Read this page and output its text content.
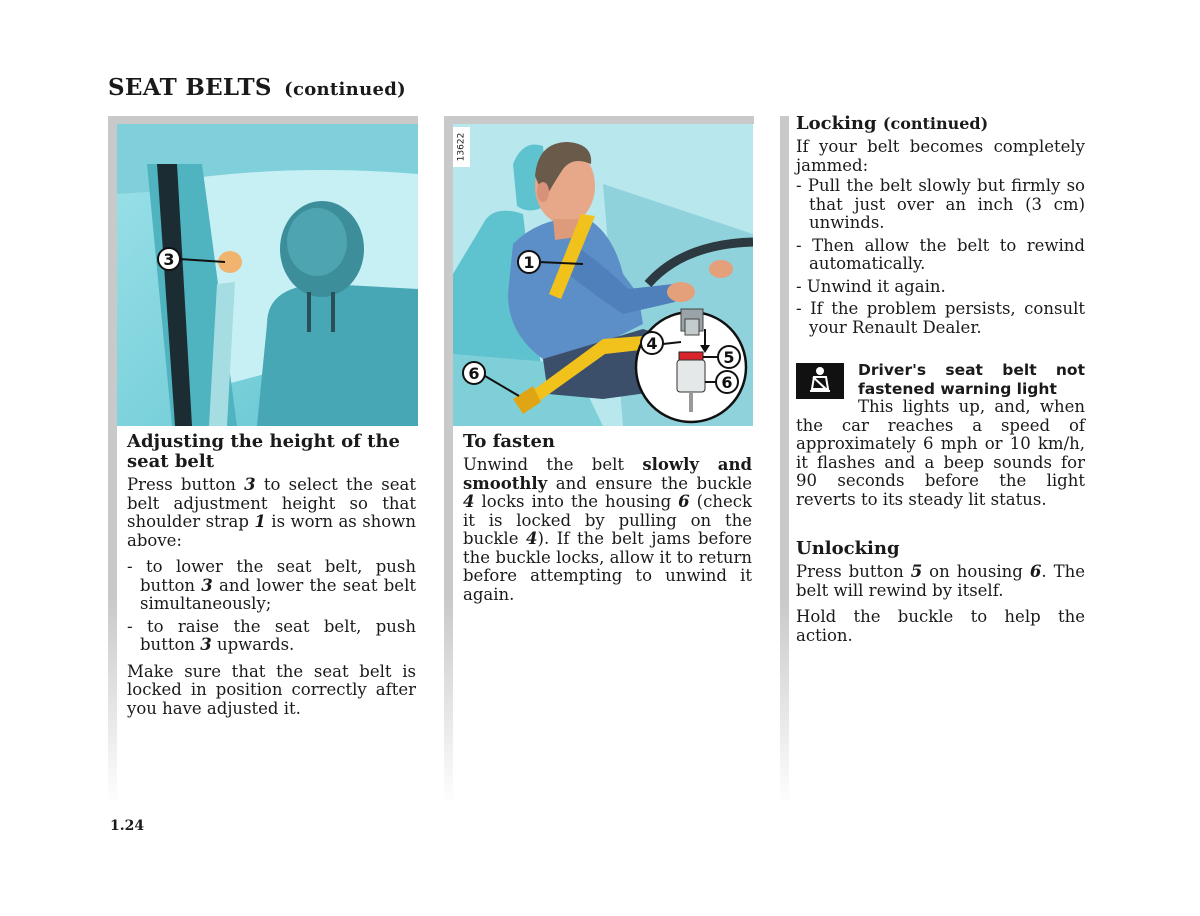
SEAT BELTS (continued)
3	1
6
4
5
6
13622
Adjusting the height of the seat belt

Press button 3 to select the seat belt adjustment height so that shoulder strap 1 is worn as shown above:

- to lower the seat belt, push button 3 and lower the seat belt simultaneously;
- to raise the seat belt, push button 3 upwards.

Make sure that the seat belt is locked in position correctly after you have adjusted it.

To fasten

Unwind the belt slowly and smoothly and ensure the buckle 4 locks into the housing 6 (check it is locked by pulling on the buckle 4). If the belt jams before the buckle locks, allow it to return before attempting to unwind it again.

Locking (continued)

If your belt becomes completely jammed:

- Pull the belt slowly but firmly so that just over an inch (3 cm) unwinds.
- Then allow the belt to rewind automatically.
- Unwind it again.
- If the problem persists, consult your Renault Dealer.
Driver's seat belt not fastened warning light

This lights up, and, when the car reaches a speed of approximately 6 mph or 10 km/h, it flashes and a beep sounds for 90 seconds before the light reverts to its steady lit status.

Unlocking

Press button 5 on housing 6. The belt will rewind by itself.

Hold the buckle to help the action.

1.24
